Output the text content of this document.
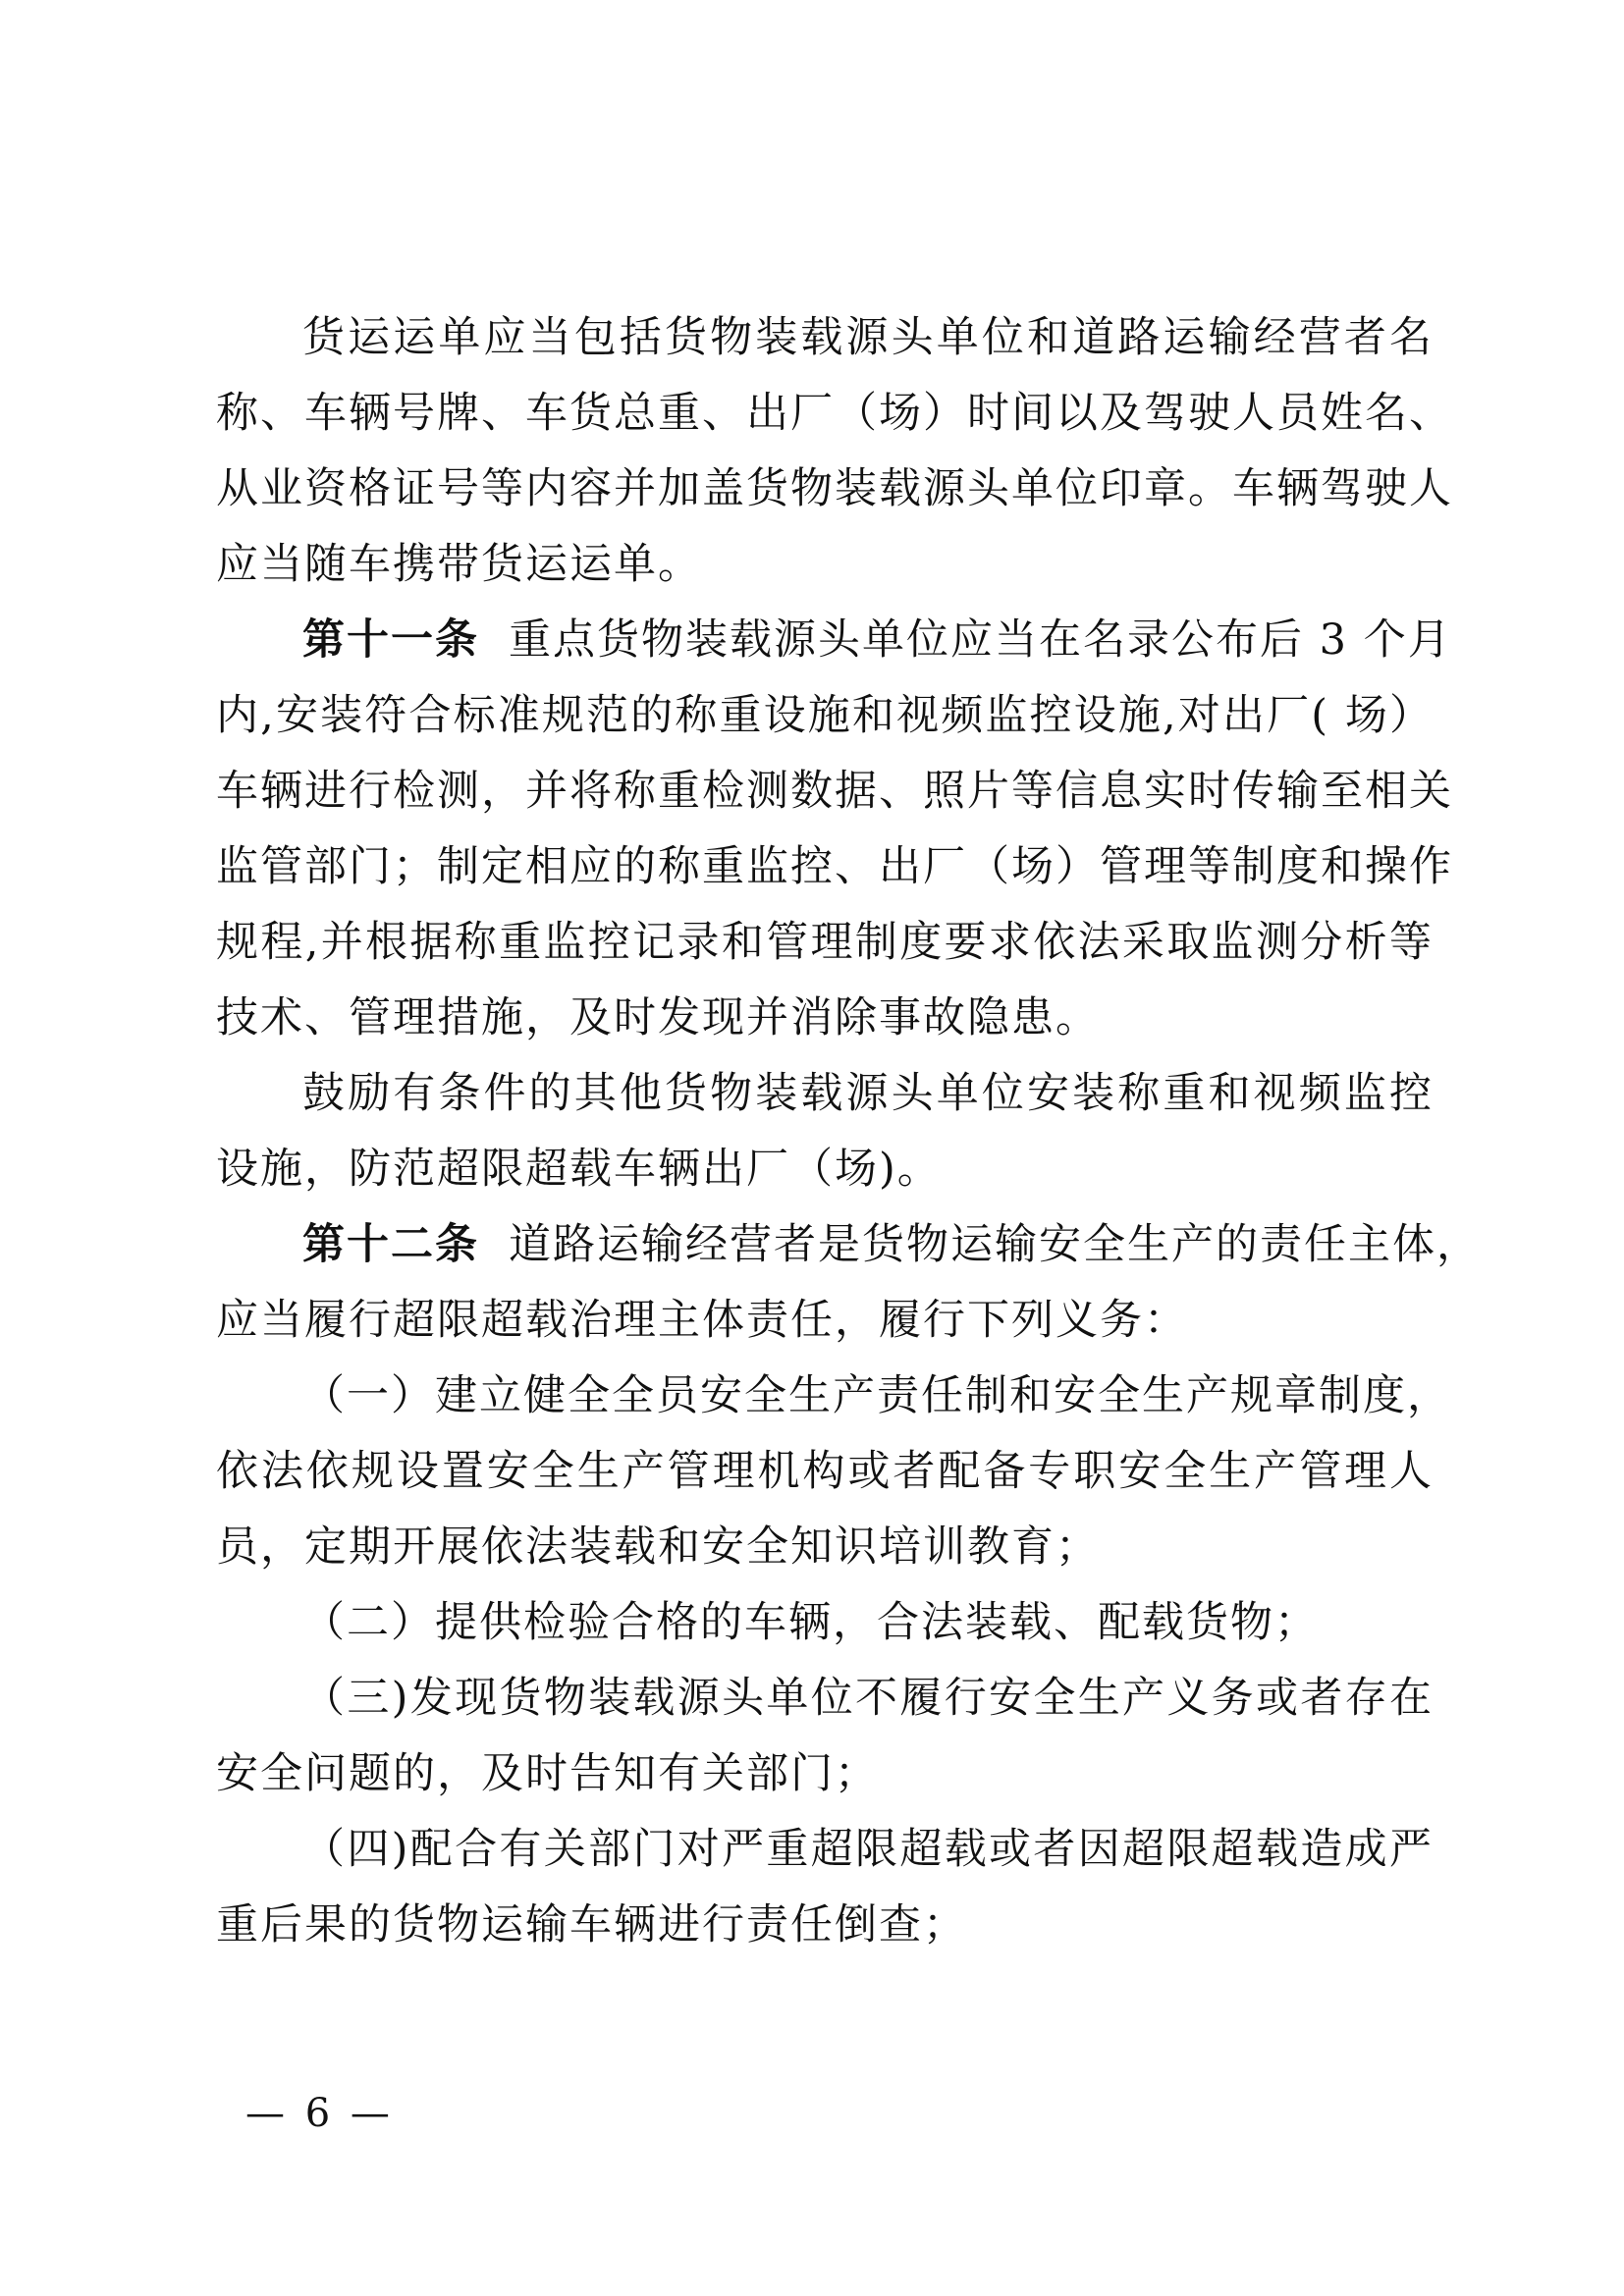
货运运单应当包括货物装载源头单位和道路运输经营者名
称、车辆号牌、车货总重、出厂（场）时间以及驾驶人员姓名、
从业资格证号等内容并加盖货物装载源头单位印章。车辆驾驶人
应当随车携带货运运单。
第十一条 重点货物装载源头单位应当在名录公布后 3 个月
内,安装符合标准规范的称重设施和视频监控设施,对出厂( 场）
车辆进行检测，并将称重检测数据、照片等信息实时传输至相关
监管部门；制定相应的称重监控、出厂（场）管理等制度和操作
规程,并根据称重监控记录和管理制度要求依法采取监测分析等
技术、管理措施，及时发现并消除事故隐患。
鼓励有条件的其他货物装载源头单位安装称重和视频监控
设施，防范超限超载车辆出厂（场)。
第十二条 道路运输经营者是货物运输安全生产的责任主体，
应当履行超限超载治理主体责任，履行下列义务：
（一）建立健全全员安全生产责任制和安全生产规章制度，
依法依规设置安全生产管理机构或者配备专职安全生产管理人
员，定期开展依法装载和安全知识培训教育；
（二）提供检验合格的车辆，合法装载、配载货物；
（三)发现货物装载源头单位不履行安全生产义务或者存在
安全问题的，及时告知有关部门；
（四)配合有关部门对严重超限超载或者因超限超载造成严
重后果的货物运输车辆进行责任倒查；
— 6 —
